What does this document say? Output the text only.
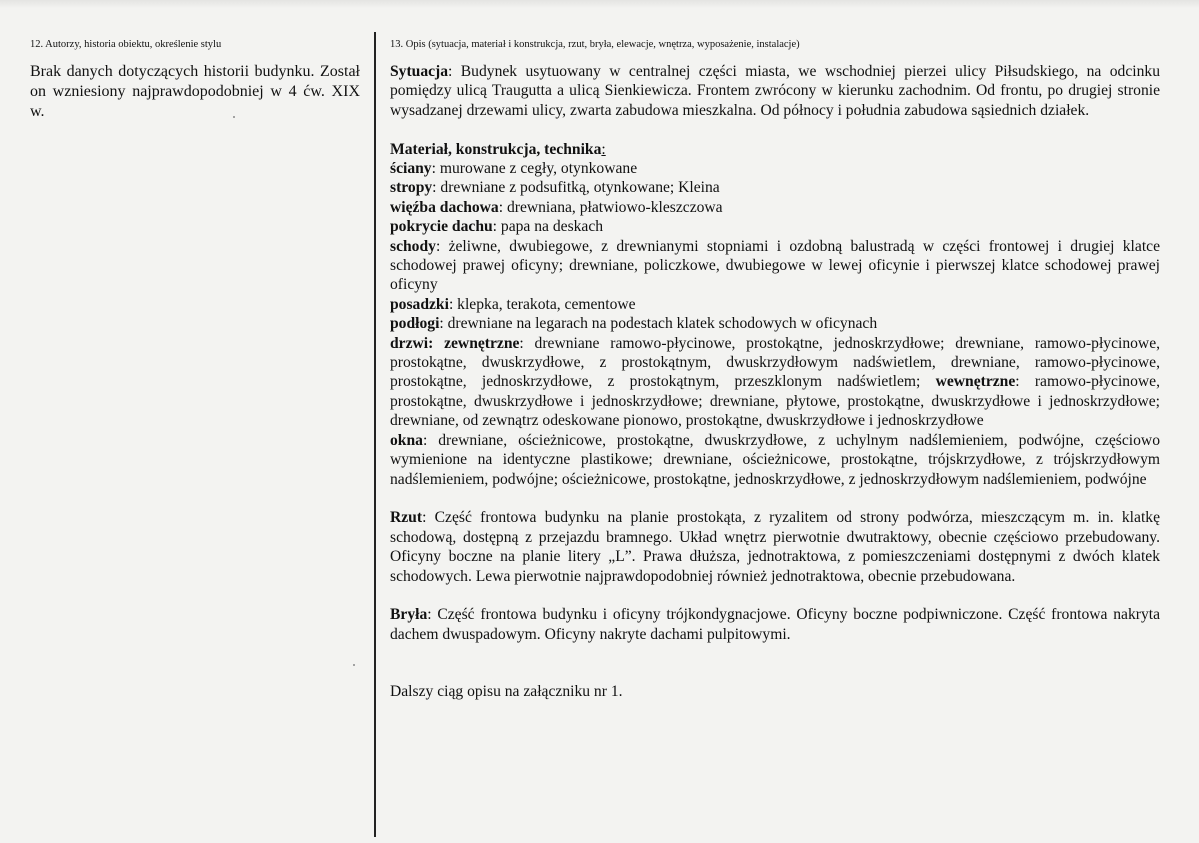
12. Autorzy, historia obiektu, określenie stylu

Brak danych dotyczących historii budynku. Został on wzniesiony najprawdopodobniej w 4 ćw. XIX w.

13. Opis (sytuacja, materiał i konstrukcja, rzut, bryła, elewacje, wnętrza, wyposażenie, instalacje)

Sytuacja: Budynek usytuowany w centralnej części miasta, we wschodniej pierzei ulicy Piłsudskiego, na odcinku pomiędzy ulicą Traugutta a ulicą Sienkiewicza. Frontem zwrócony w kierunku zachodnim. Od frontu, po drugiej stronie wysadzanej drzewami ulicy, zwarta zabudowa mieszkalna. Od północy i południa zabudowa sąsiednich działek.

Materiał, konstrukcja, technika:

ściany: murowane z cegły, otynkowane

stropy: drewniane z podsufitką, otynkowane; Kleina

więźba dachowa: drewniana, płatwiowo-kleszczowa

pokrycie dachu: papa na deskach

schody: żeliwne, dwubiegowe, z drewnianymi stopniami i ozdobną balustradą w części frontowej i drugiej klatce schodowej prawej oficyny; drewniane, policzkowe, dwubiegowe w lewej oficynie i pierwszej klatce schodowej prawej oficyny

posadzki: klepka, terakota, cementowe

podłogi: drewniane na legarach na podestach klatek schodowych w oficynach

drzwi: zewnętrzne: drewniane ramowo-płycinowe, prostokątne, jednoskrzydłowe; drewniane, ramowo-płycinowe, prostokątne, dwuskrzydłowe, z prostokątnym, dwuskrzydłowym nadświetlem, drewniane, ramowo-płycinowe, prostokątne, jednoskrzydłowe, z prostokątnym, przeszklonym nadświetlem; wewnętrzne: ramowo-płycinowe, prostokątne, dwuskrzydłowe i jednoskrzydłowe; drewniane, płytowe, prostokątne, dwuskrzydłowe i jednoskrzydłowe; drewniane, od zewnątrz odeskowane pionowo, prostokątne, dwuskrzydłowe i jednoskrzydłowe

okna: drewniane, ościeżnicowe, prostokątne, dwuskrzydłowe, z uchylnym nadślemieniem, podwójne, częściowo wymienione na identyczne plastikowe; drewniane, ościeżnicowe, prostokątne, trójskrzydłowe, z trójskrzydłowym nadślemieniem, podwójne; ościeżnicowe, prostokątne, jednoskrzydłowe, z jednoskrzydłowym nadślemieniem, podwójne

Rzut: Część frontowa budynku na planie prostokąta, z ryzalitem od strony podwórza, mieszczącym m. in. klatkę schodową, dostępną z przejazdu bramnego. Układ wnętrz pierwotnie dwutraktowy, obecnie częściowo przebudowany. Oficyny boczne na planie litery „L”. Prawa dłuższa, jednotraktowa, z pomieszczeniami dostępnymi z dwóch klatek schodowych. Lewa pierwotnie najprawdopodobniej również jednotraktowa, obecnie przebudowana.

Bryła: Część frontowa budynku i oficyny trójkondygnacjowe. Oficyny boczne podpiwniczone. Część frontowa nakryta dachem dwuspadowym. Oficyny nakryte dachami pulpitowymi.

Dalszy ciąg opisu na załączniku nr 1.
